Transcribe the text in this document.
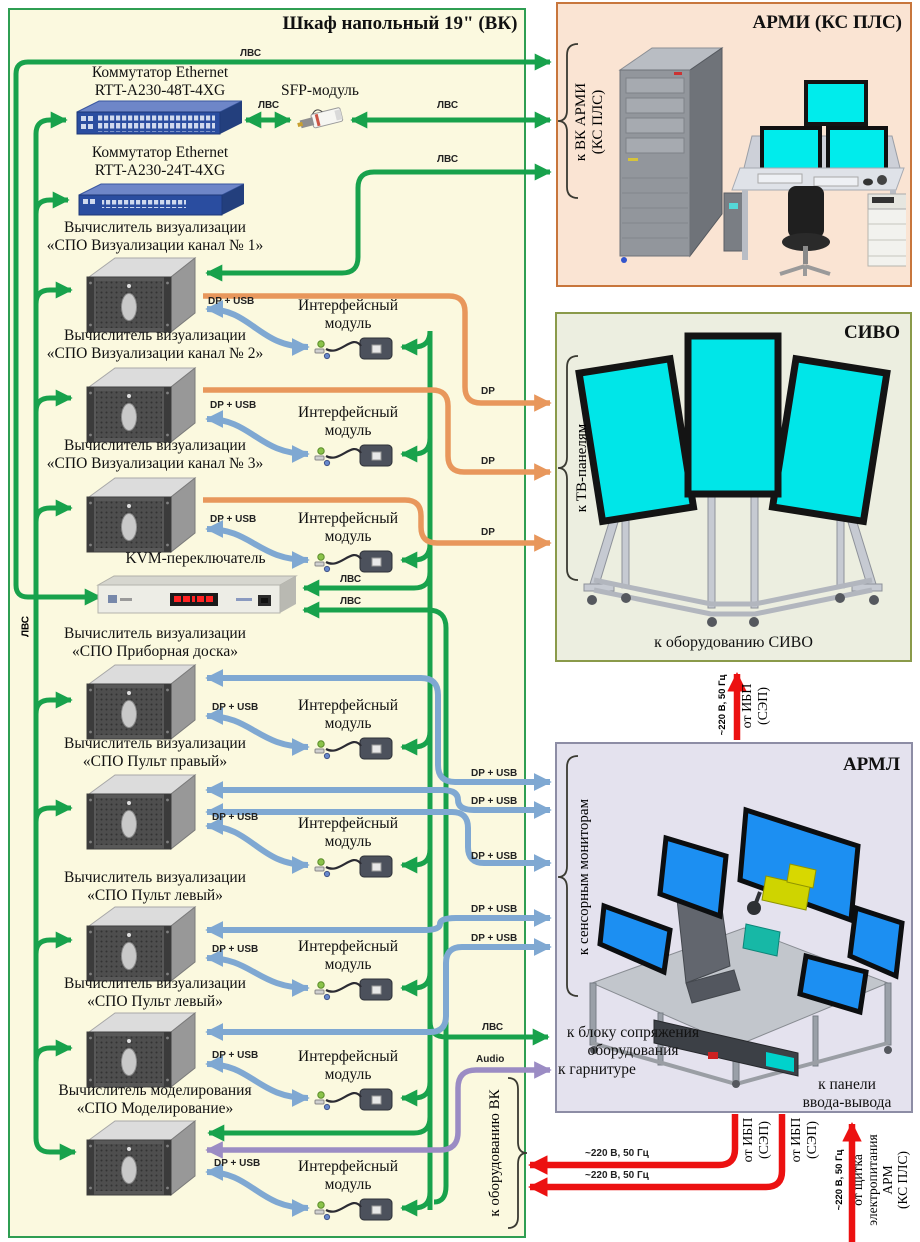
Шкаф напольный 19" (ВК)	АРМИ (КС ПЛС)
СИВО
АРМЛ
Коммутатор Ethernet
RTT-A230-48T-4XG	SFP-модуль
Коммутатор Ethernet
RTT-A230-24T-4XG
Вычислитель визуализации
«СПО Визуализации канал № 1»
Вычислитель визуализации
«СПО Визуализации канал № 2»
Вычислитель визуализации
«СПО Визуализации канал № 3»
KVM-переключатель
Вычислитель визуализации
«СПО Приборная доска»
Вычислитель визуализации
«СПО Пульт правый»
Вычислитель визуализации
«СПО Пульт левый»
Вычислитель визуализации
«СПО Пульт левый»
Вычислитель моделирования
«СПО Моделирование»
Интерфейсный
модуль
Интерфейсный
модуль
Интерфейсный
модуль
Интерфейсный
модуль
Интерфейсный
модуль
Интерфейсный
модуль
Интерфейсный
модуль
Интерфейсный
модуль
к ВК АРМИ (КС ПЛС)
к ТВ-панелям
к сенсорным мониторам
к оборудованию ВК
к оборудованию СИВО
к блоку сопряжения
оборудования
к гарнитуре
к панели
ввода-вывода
ЛВС
ЛВС	ЛВС
ЛВС
ЛВС
ЛВС
ЛВС
ЛВС
DP + USB
DP + USB
DP + USB
DP + USB
DP + USB
DP + USB
DP + USB
DP + USB
DP + USB
DP + USB
DP + USB
DP + USB
DP + USB
DP
DP
DP
Audio
~220 В, 50 Гц
~220 В, 50 Гц
~220 В, 50 Гц от ИБП (СЭП)
от ИБП (СЭП) от ИБП (СЭП)
~220 В, 50 Гц от щитка электропитания АРМ (КС ПЛС)
